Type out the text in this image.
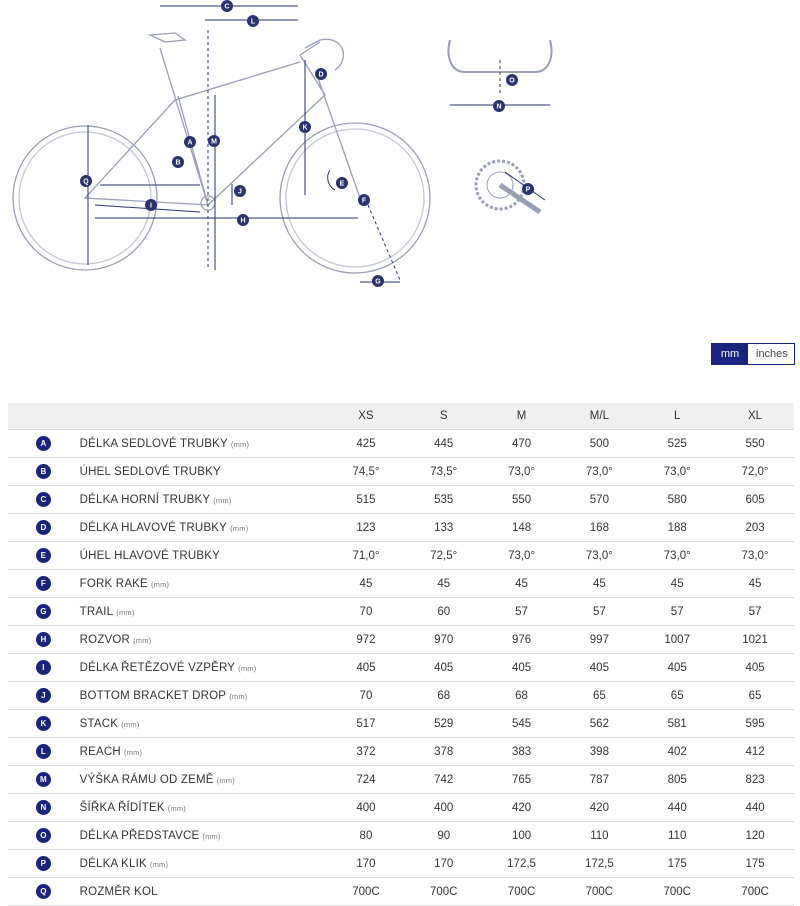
C
L
D
O
N
K
A	M
B
Q
J
E
F
I
H
G
P
mm	inches
		XS	S	M	M/L	L	XL
A	DÉLKA SEDLOVÉ TRUBKY (mm)	425	445	470	500	525	550
B	ÚHEL SEDLOVÉ TRUBKY	74,5°	73,5°	73,0°	73,0°	73,0°	72,0°
C	DÉLKA HORNÍ TRUBKY (mm)	515	535	550	570	580	605
D	DÉLKA HLAVOVÉ TRUBKY (mm)	123	133	148	168	188	203
E	ÚHEL HLAVOVÉ TRUBKY	71,0°	72,5°	73,0°	73,0°	73,0°	73,0°
F	FORK RAKE (mm)	45	45	45	45	45	45
G	TRAIL (mm)	70	60	57	57	57	57
H	ROZVOR (mm)	972	970	976	997	1007	1021
I	DÉLKA ŘETĚZOVÉ VZPĚRY (mm)	405	405	405	405	405	405
J	BOTTOM BRACKET DROP (mm)	70	68	68	65	65	65
K	STACK (mm)	517	529	545	562	581	595
L	REACH (mm)	372	378	383	398	402	412
M	VÝŠKA RÁMU OD ZEMĚ (mm)	724	742	765	787	805	823
N	ŠÍŘKA ŘÍDÍTEK (mm)	400	400	420	420	440	440
O	DÉLKA PŘEDSTAVCE (mm)	80	90	100	110	110	120
P	DÉLKA KLIK (mm)	170	170	172,5	172,5	175	175
Q	ROZMĚR KOL	700C	700C	700C	700C	700C	700C
